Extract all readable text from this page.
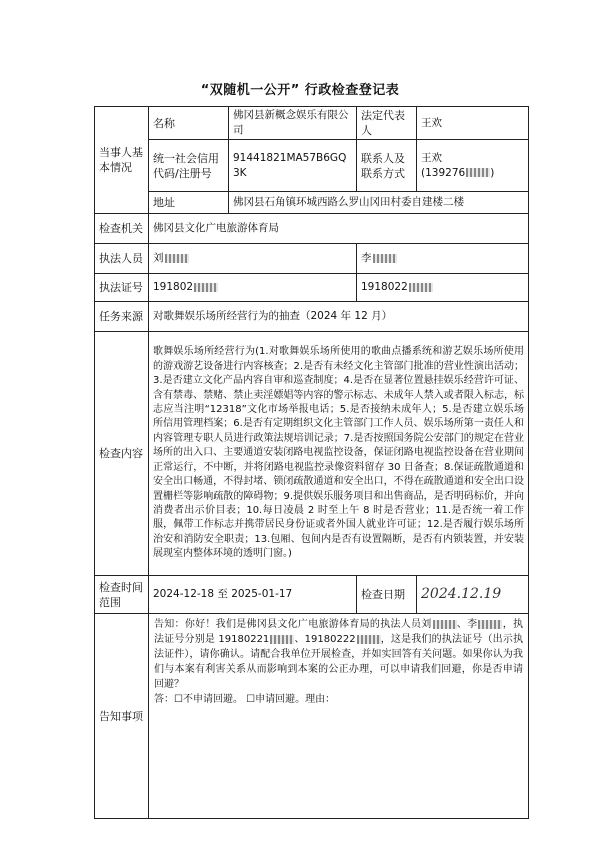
“双随机一公开” 行政检查登记表
当事人基本情况	名称	佛冈县新概念娱乐有限公司	法定代表人	王欢
	统一社会信用代码/注册号	91441821MA57B6GQ3K	联系人及联系方式	王欢
(139276 )

	地址	佛冈县石角镇环城西路么罗山冈田村委自建楼二楼		
检查机关	佛冈县文化广电旅游体育局			
执法人员	刘		李	
执法证号	191802		1918022	
任务来源	对歌舞娱乐场所经营行为的抽查（2024 年 12 月）			
检查内容	歌舞娱乐场所经营行为(1.对歌舞娱乐场所使用的歌曲点播系统和游艺娱乐场所使用的游戏游艺设备进行内容核查；2.是否有未经文化主管部门批准的营业性演出活动；3.是否建立文化产品内容自审和巡查制度；4.是否在显著位置悬挂娱乐经营许可证、含有禁毒、禁赌、禁止卖淫嫖娼等内容的警示标志、未成年人禁入或者限入标志，标志应当注明“12318”文化市场举报电话；5.是否接纳未成年人；5.是否建立娱乐场所信用管理档案；6.是否有定期组织文化主管部门工作人员、娱乐场所第一责任人和内容管理专职人员进行政策法规培训记录；7.是否按照国务院公安部门的规定在营业场所的出入口、主要通道安装闭路电视监控设备，保证闭路电视监控设备在营业期间正常运行，不中断，并将闭路电视监控录像资料留存 30 日备查；8.保证疏散通道和安全出口畅通，不得封堵、锁闭疏散通道和安全出口，不得在疏散通道和安全出口设置栅栏等影响疏散的障碍物；9.提供娱乐服务项目和出售商品，是否明码标价，并向消费者出示价目表；10.每日凌晨 2 时至上午 8 时是否营业；11.是否统一着工作服，佩带工作标志并携带居民身份证或者外国人就业许可证；12.是否履行娱乐场所治安和消防安全职责；13.包厢、包间内是否有设置隔断，是否有内锁装置，并安装展现室内整体环境的透明门窗。)			
检查时间范围	2024-12-18 至 2025-01-17		检查日期	2024.12.19
告知事项	告知：你好！我们是佛冈县文化广电旅游体育局的执法人员刘 、李 ，执法证号分别是 19180221 、19180222 ，这是我们的执法证号（出示执法证件），请你确认。请配合我单位开展检查，并如实回答有关问题。如果你认为我们与本案有利害关系从而影响到本案的公正办理，可以申请我们回避，你是否申请回避？
答：☐不申请回避。 ☐申请回避。理由：			
